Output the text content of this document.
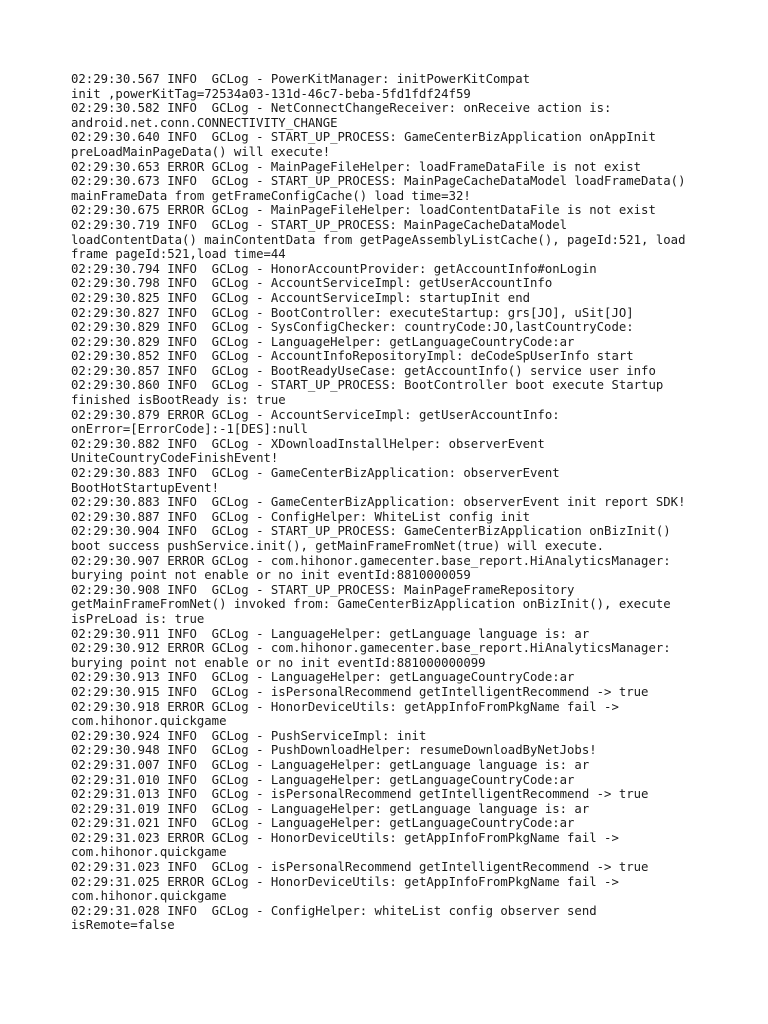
02:29:30.567 INFO  GCLog - PowerKitManager: initPowerKitCompat
init ,powerKitTag=72534a03-131d-46c7-beba-5fd1fdf24f59
02:29:30.582 INFO  GCLog - NetConnectChangeReceiver: onReceive action is:
android.net.conn.CONNECTIVITY_CHANGE
02:29:30.640 INFO  GCLog - START_UP_PROCESS: GameCenterBizApplication onAppInit
preLoadMainPageData() will execute!
02:29:30.653 ERROR GCLog - MainPageFileHelper: loadFrameDataFile is not exist
02:29:30.673 INFO  GCLog - START_UP_PROCESS: MainPageCacheDataModel loadFrameData()
mainFrameData from getFrameConfigCache() load time=32!
02:29:30.675 ERROR GCLog - MainPageFileHelper: loadContentDataFile is not exist
02:29:30.719 INFO  GCLog - START_UP_PROCESS: MainPageCacheDataModel
loadContentData() mainContentData from getPageAssemblyListCache(), pageId:521, load
frame pageId:521,load time=44
02:29:30.794 INFO  GCLog - HonorAccountProvider: getAccountInfo#onLogin
02:29:30.798 INFO  GCLog - AccountServiceImpl: getUserAccountInfo
02:29:30.825 INFO  GCLog - AccountServiceImpl: startupInit end
02:29:30.827 INFO  GCLog - BootController: executeStartup: grs[JO], uSit[JO]
02:29:30.829 INFO  GCLog - SysConfigChecker: countryCode:JO,lastCountryCode:
02:29:30.829 INFO  GCLog - LanguageHelper: getLanguageCountryCode:ar
02:29:30.852 INFO  GCLog - AccountInfoRepositoryImpl: deCodeSpUserInfo start
02:29:30.857 INFO  GCLog - BootReadyUseCase: getAccountInfo() service user info
02:29:30.860 INFO  GCLog - START_UP_PROCESS: BootController boot execute Startup
finished isBootReady is: true
02:29:30.879 ERROR GCLog - AccountServiceImpl: getUserAccountInfo:
onError=[ErrorCode]:-1[DES]:null
02:29:30.882 INFO  GCLog - XDownloadInstallHelper: observerEvent
UniteCountryCodeFinishEvent!
02:29:30.883 INFO  GCLog - GameCenterBizApplication: observerEvent
BootHotStartupEvent!
02:29:30.883 INFO  GCLog - GameCenterBizApplication: observerEvent init report SDK!
02:29:30.887 INFO  GCLog - ConfigHelper: WhiteList config init
02:29:30.904 INFO  GCLog - START_UP_PROCESS: GameCenterBizApplication onBizInit()
boot success pushService.init(), getMainFrameFromNet(true) will execute.
02:29:30.907 ERROR GCLog - com.hihonor.gamecenter.base_report.HiAnalyticsManager:
burying point not enable or no init eventId:8810000059
02:29:30.908 INFO  GCLog - START_UP_PROCESS: MainPageFrameRepository
getMainFrameFromNet() invoked from: GameCenterBizApplication onBizInit(), execute
isPreLoad is: true
02:29:30.911 INFO  GCLog - LanguageHelper: getLanguage language is: ar
02:29:30.912 ERROR GCLog - com.hihonor.gamecenter.base_report.HiAnalyticsManager:
burying point not enable or no init eventId:881000000099
02:29:30.913 INFO  GCLog - LanguageHelper: getLanguageCountryCode:ar
02:29:30.915 INFO  GCLog - isPersonalRecommend getIntelligentRecommend -> true
02:29:30.918 ERROR GCLog - HonorDeviceUtils: getAppInfoFromPkgName fail ->
com.hihonor.quickgame
02:29:30.924 INFO  GCLog - PushServiceImpl: init
02:29:30.948 INFO  GCLog - PushDownloadHelper: resumeDownloadByNetJobs!
02:29:31.007 INFO  GCLog - LanguageHelper: getLanguage language is: ar
02:29:31.010 INFO  GCLog - LanguageHelper: getLanguageCountryCode:ar
02:29:31.013 INFO  GCLog - isPersonalRecommend getIntelligentRecommend -> true
02:29:31.019 INFO  GCLog - LanguageHelper: getLanguage language is: ar
02:29:31.021 INFO  GCLog - LanguageHelper: getLanguageCountryCode:ar
02:29:31.023 ERROR GCLog - HonorDeviceUtils: getAppInfoFromPkgName fail ->
com.hihonor.quickgame
02:29:31.023 INFO  GCLog - isPersonalRecommend getIntelligentRecommend -> true
02:29:31.025 ERROR GCLog - HonorDeviceUtils: getAppInfoFromPkgName fail ->
com.hihonor.quickgame
02:29:31.028 INFO  GCLog - ConfigHelper: whiteList config observer send
isRemote=false
